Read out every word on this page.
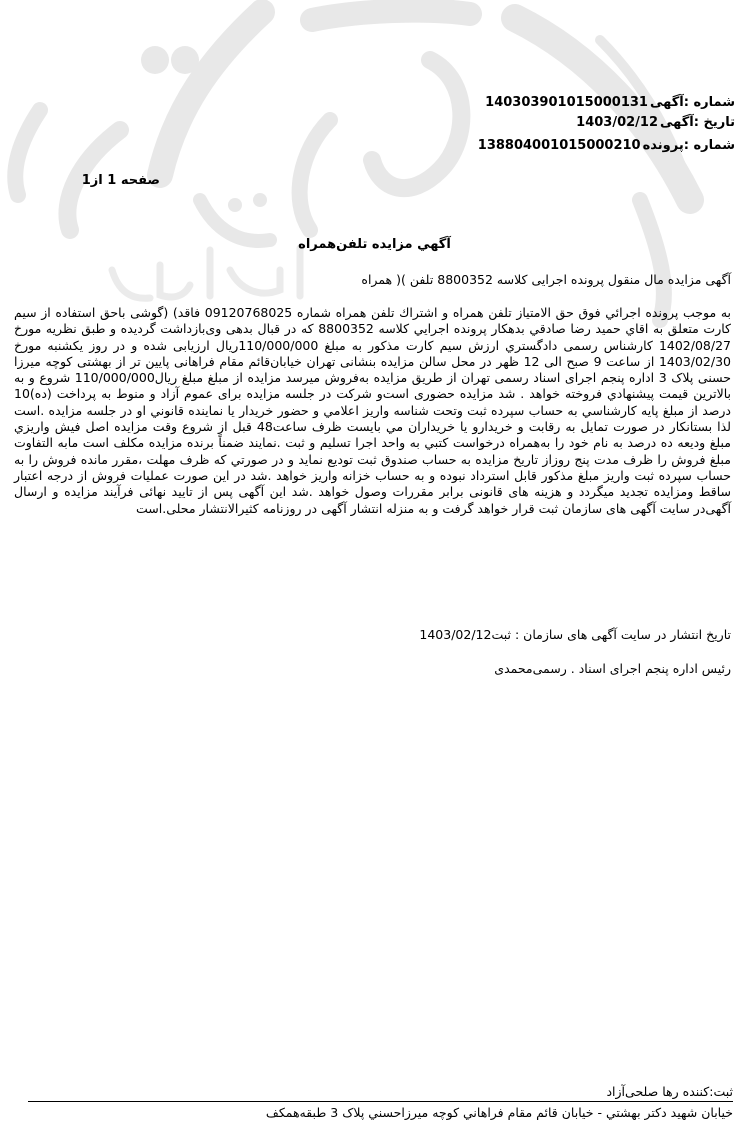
شماره :آگهی140303901015000131
تاریخ :آگهی1403/02/12
شماره :پرونده138804001015000210
صفحه 1 از1
آگهي مزايده تلفن‌همراه
آگهی مزایده مال منقول پرونده اجرایی کلاسه 8800352 تلفن )( همراه
به موجب پرونده اجرائي فوق حق الامتياز تلفن همراه و اشتراك تلفن همراه شماره 09120768025 فاقد) (گوشی باحق استفاده از سيم كارت متعلق به اقاي حميد رضا صادقي بدهكار پرونده اجرايي كلاسه 8800352 كه در قبال بدهی وی‌بازداشت گرديده و طبق نظريه مورخ 1402/08/27 كارشناس رسمی دادگستري ارزش سيم كارت مذكور به مبلغ 110/000/000ريال ارزيابی شده و در روز يكشنبه مورخ 1403/02/30 از ساعت 9 صبح الی 12 ظهر در محل سالن مزايده بنشانی تهران خيابان‌قائم مقام فراهانی پايين تر از بهشتی كوچه ميرزا حسنی پلاک 3 اداره پنجم اجرای اسناد رسمی تهران از طريق مزايده به‌فروش ميرسد مزايده از مبلغ مبلغ ريال110/000/000 شروع و به بالاترين قيمت پيشنهادي فروخته خواهد . شد مزايده حضوری است‌و شركت در جلسه مزايده برای عموم آزاد و منوط به پرداخت (ده)10 درصد از مبلغ پايه كارشناسي به حساب سپرده ثبت وتحت شناسه واريز اعلامي و حضور خريدار يا نماينده قانوني او در جلسه مزايده .است لذا بستانكار در صورت تمايل به رقابت و خريدارو يا خريداران مي بايست ظرف ساعت48 قبل از شروع وقت مزايده اصل فيش واريزي مبلغ وديعه ده درصد به نام خود را به‌همراه درخواست كتبي به واحد اجرا تسليم و ثبت .نمايند ضمناً برنده مزايده مكلف است مابه التفاوت مبلغ فروش را ظرف مدت پنج روزاز تاريخ مزايده به حساب صندوق ثبت توديع نمايد و در صورتي كه ظرف مهلت ،مقرر مانده فروش را به حساب سپرده ثبت واريز مبلغ مذكور قابل استرداد نبوده و به حساب خزانه واريز خواهد .شد در اين صورت عمليات فروش از درجه اعتبار ساقط ومزايده تجديد ميگردد و هزينه های قانونی برابر مقررات وصول خواهد .شد اين آگهی پس از تاييد نهائی فرآيند مزايده و ارسال آگهی‌در سايت آگهی های سازمان ثبت قرار خواهد گرفت و به منزله انتشار آگهی در روزنامه كثيرالانتشار محلی.است
تاریخ انتشار در سایت آگهی های سازمان : ثبت1403/02/12
رئیس اداره پنجم اجرای اسناد . رسمی‌محمدی
ثبت:کننده رها صلحی‌آزاد
خيابان شهيد دكتر بهشتي - خيابان قائم مقام فراهاني كوچه ميرزاحسني پلاک 3 طبقه‌همكف
